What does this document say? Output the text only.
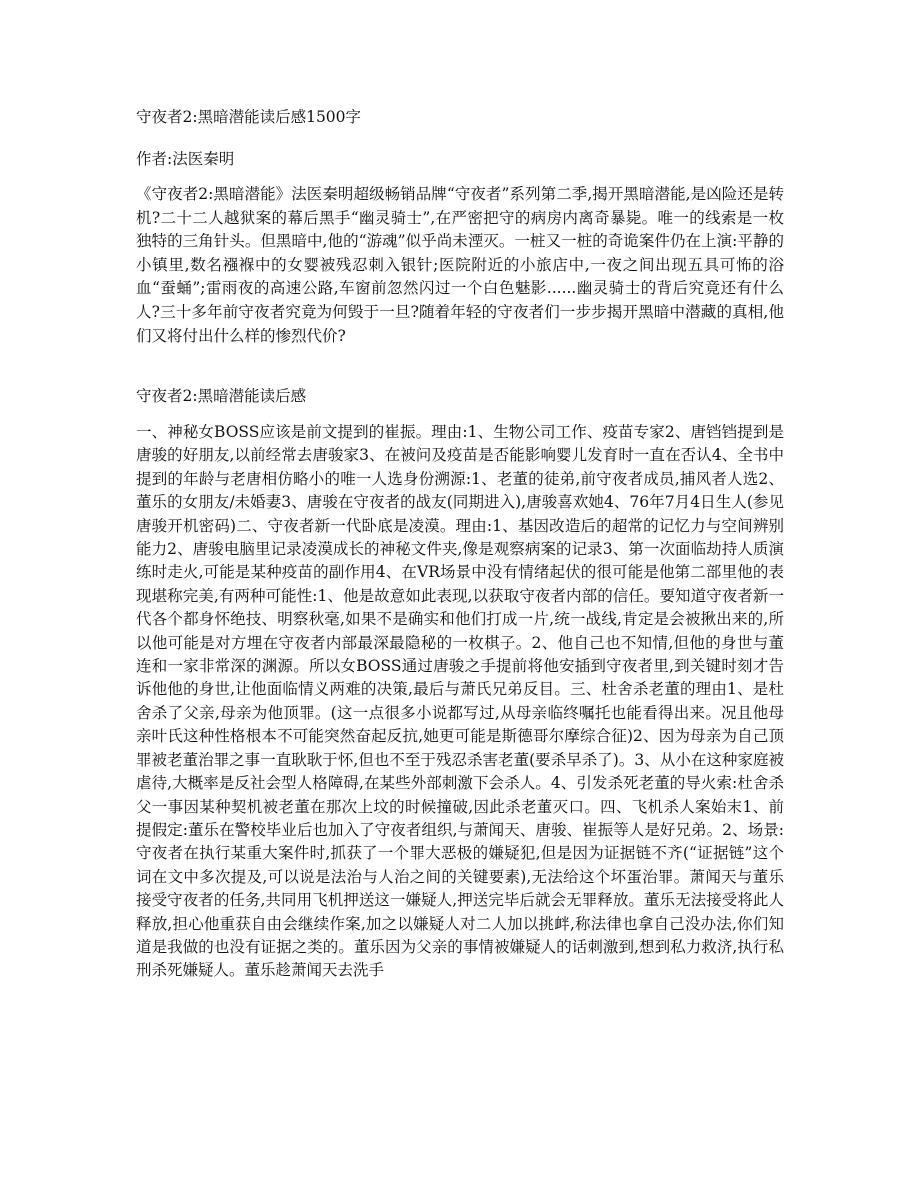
守夜者2:黑暗潜能读后感1500字
作者:法医秦明

《守夜者2:黑暗潜能》法医秦明超级畅销品牌“守夜者”系列第二季,揭开黑暗潜能,是凶险还是转机?二十二人越狱案的幕后黑手“幽灵骑士”,在严密把守的病房内离奇暴毙。唯一的线索是一枚独特的三角针头。但黑暗中,他的“游魂”似乎尚未湮灭。一桩又一桩的奇诡案件仍在上演:平静的小镇里,数名襁褓中的女婴被残忍刺入银针;医院附近的小旅店中,一夜之间出现五具可怖的浴血“蚕蛹”;雷雨夜的高速公路,车窗前忽然闪过一个白色魅影......幽灵骑士的背后究竟还有什么人?三十多年前守夜者究竟为何毁于一旦?随着年轻的守夜者们一步步揭开黑暗中潜藏的真相,他们又将付出什么样的惨烈代价?

守夜者2:黑暗潜能读后感

一、神秘女BOSS应该是前文提到的崔振。理由:1、生物公司工作、疫苗专家2、唐铛铛提到是唐骏的好朋友,以前经常去唐骏家3、在被问及疫苗是否能影响婴儿发育时一直在否认4、全书中提到的年龄与老唐相仿略小的唯一人选身份溯源:1、老董的徒弟,前守夜者成员,捕风者人选2、董乐的女朋友/未婚妻3、唐骏在守夜者的战友(同期进入),唐骏喜欢她4、76年7月4日生人(参见唐骏开机密码)二、守夜者新一代卧底是凌漠。理由:1、基因改造后的超常的记忆力与空间辨别能力2、唐骏电脑里记录凌漠成长的神秘文件夹,像是观察病案的记录3、第一次面临劫持人质演练时走火,可能是某种疫苗的副作用4、在VR场景中没有情绪起伏的很可能是他第二部里他的表现堪称完美,有两种可能性:1、他是故意如此表现,以获取守夜者内部的信任。要知道守夜者新一代各个都身怀绝技、明察秋毫,如果不是确实和他们打成一片,统一战线,肯定是会被揪出来的,所以他可能是对方埋在守夜者内部最深最隐秘的一枚棋子。2、他自己也不知情,但他的身世与董连和一家非常深的渊源。所以女BOSS通过唐骏之手提前将他安插到守夜者里,到关键时刻才告诉他他的身世,让他面临情义两难的决策,最后与萧氏兄弟反目。三、杜舍杀老董的理由1、是杜舍杀了父亲,母亲为他顶罪。(这一点很多小说都写过,从母亲临终嘱托也能看得出来。况且他母亲叶氏这种性格根本不可能突然奋起反抗,她更可能是斯德哥尔摩综合征)2、因为母亲为自己顶罪被老董治罪之事一直耿耿于怀,但也不至于残忍杀害老董(要杀早杀了)。3、从小在这种家庭被虐待,大概率是反社会型人格障碍,在某些外部刺激下会杀人。4、引发杀死老董的导火索:杜舍杀父一事因某种契机被老董在那次上坟的时候撞破,因此杀老董灭口。四、飞机杀人案始末1、前提假定:董乐在警校毕业后也加入了守夜者组织,与萧闻天、唐骏、崔振等人是好兄弟。2、场景:守夜者在执行某重大案件时,抓获了一个罪大恶极的嫌疑犯,但是因为证据链不齐(“证据链”这个词在文中多次提及,可以说是法治与人治之间的关键要素),无法给这个坏蛋治罪。萧闻天与董乐接受守夜者的任务,共同用飞机押送这一嫌疑人,押送完毕后就会无罪释放。董乐无法接受将此人释放,担心他重获自由会继续作案,加之以嫌疑人对二人加以挑衅,称法律也拿自己没办法,你们知道是我做的也没有证据之类的。董乐因为父亲的事情被嫌疑人的话刺激到,想到私力救济,执行私刑杀死嫌疑人。董乐趁萧闻天去洗手
